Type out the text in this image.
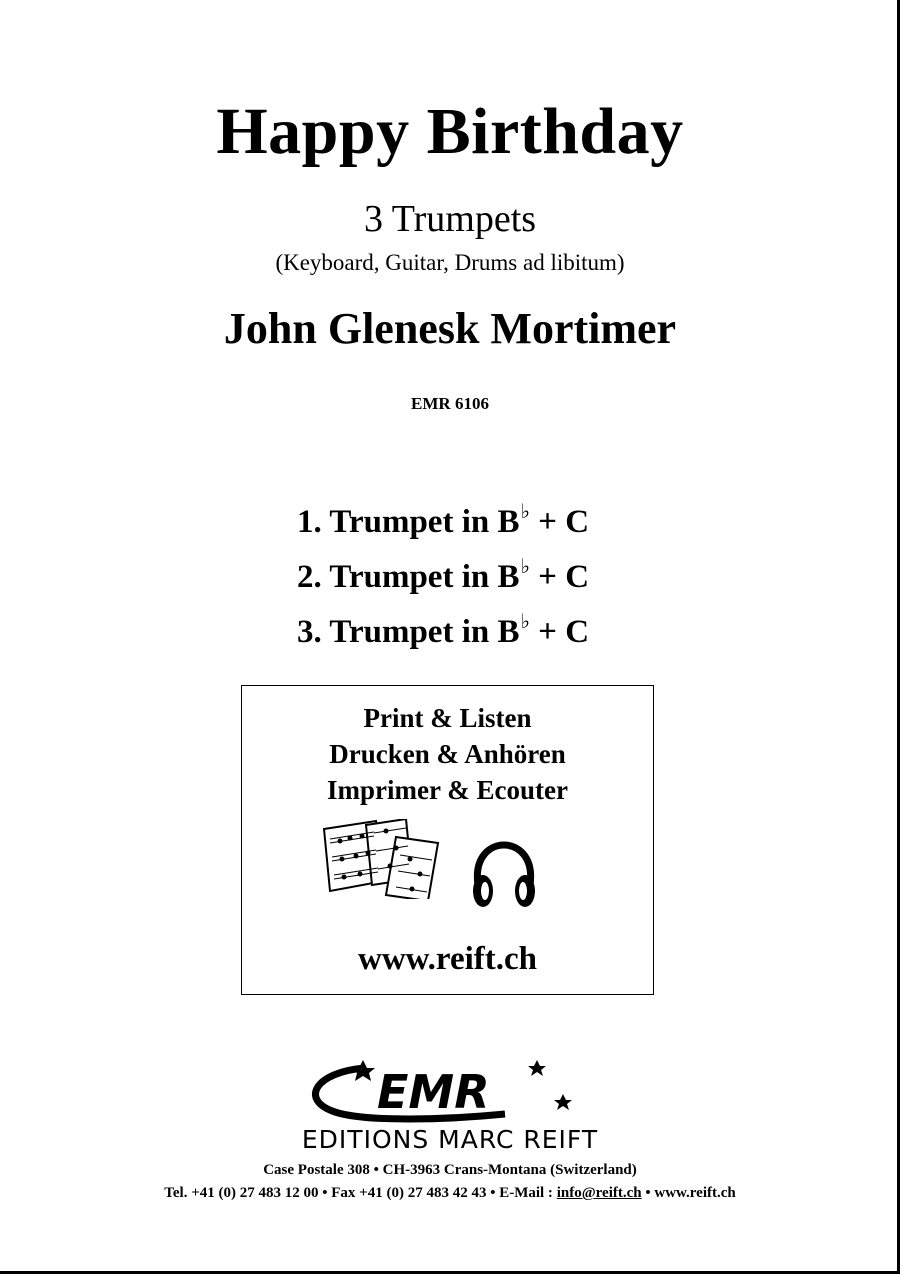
Happy Birthday
3 Trumpets
(Keyboard, Guitar, Drums ad libitum)
John Glenesk Mortimer
EMR 6106
1. Trumpet in B♭ + C
2. Trumpet in B♭ + C
3. Trumpet in B♭ + C
Print & Listen
Drucken & Anhören
Imprimer & Ecouter
www.reift.ch
EMR
EDITIONS MARC REIFT
Case Postale 308 • CH-3963 Crans-Montana (Switzerland)
Tel. +41 (0) 27 483 12 00 • Fax +41 (0) 27 483 42 43 • E-Mail : info@reift.ch • www.reift.ch
